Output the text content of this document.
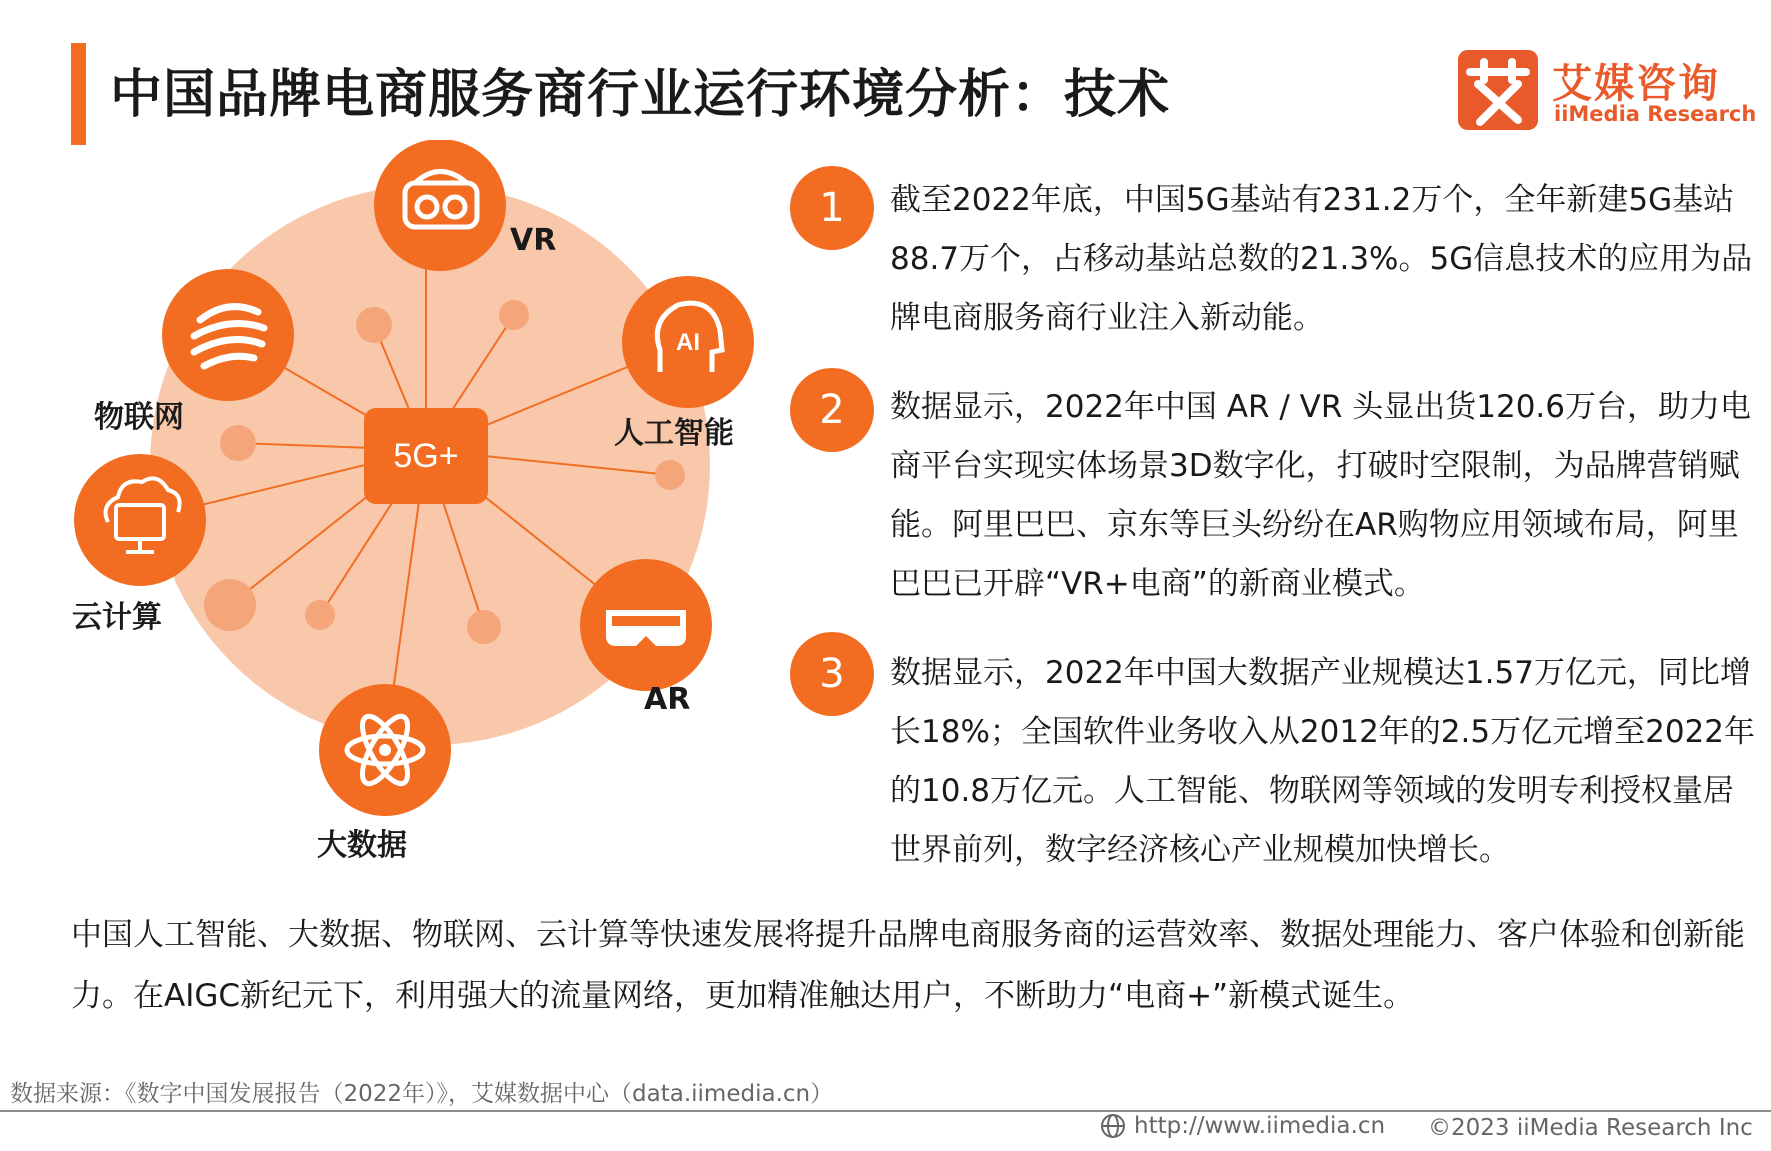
中国品牌电商服务商行业运行环境分析：技术	艾媒咨询
iiMedia Research
AI
5G+
VR
人工智能
AR
大数据
云计算
物联网
1	截至2022年底，中国5G基站有231.2万个，全年新建5G基站88.7万个，占移动基站总数的21.3%。5G信息技术的应用为品牌电商服务商行业注入新动能。
2	数据显示，2022年中国 AR / VR 头显出货120.6万台，助力电商平台实现实体场景3D数字化，打破时空限制，为品牌营销赋能。阿里巴巴、京东等巨头纷纷在AR购物应用领域布局，阿里巴巴已开辟“VR+电商”的新商业模式。
3	数据显示，2022年中国大数据产业规模达1.57万亿元，同比增长18%；全国软件业务收入从2012年的2.5万亿元增至2022年的10.8万亿元。人工智能、物联网等领域的发明专利授权量居世界前列，数字经济核心产业规模加快增长。
中国人工智能、大数据、物联网、云计算等快速发展将提升品牌电商服务商的运营效率、数据处理能力、客户体验和创新能力。在AIGC新纪元下，利用强大的流量网络，更加精准触达用户，不断助力“电商+”新模式诞生。
数据来源：《数字中国发展报告（2022年）》，艾媒数据中心（data.iimedia.cn）
http://www.iimedia.cn ©2023 iiMedia Research Inc
